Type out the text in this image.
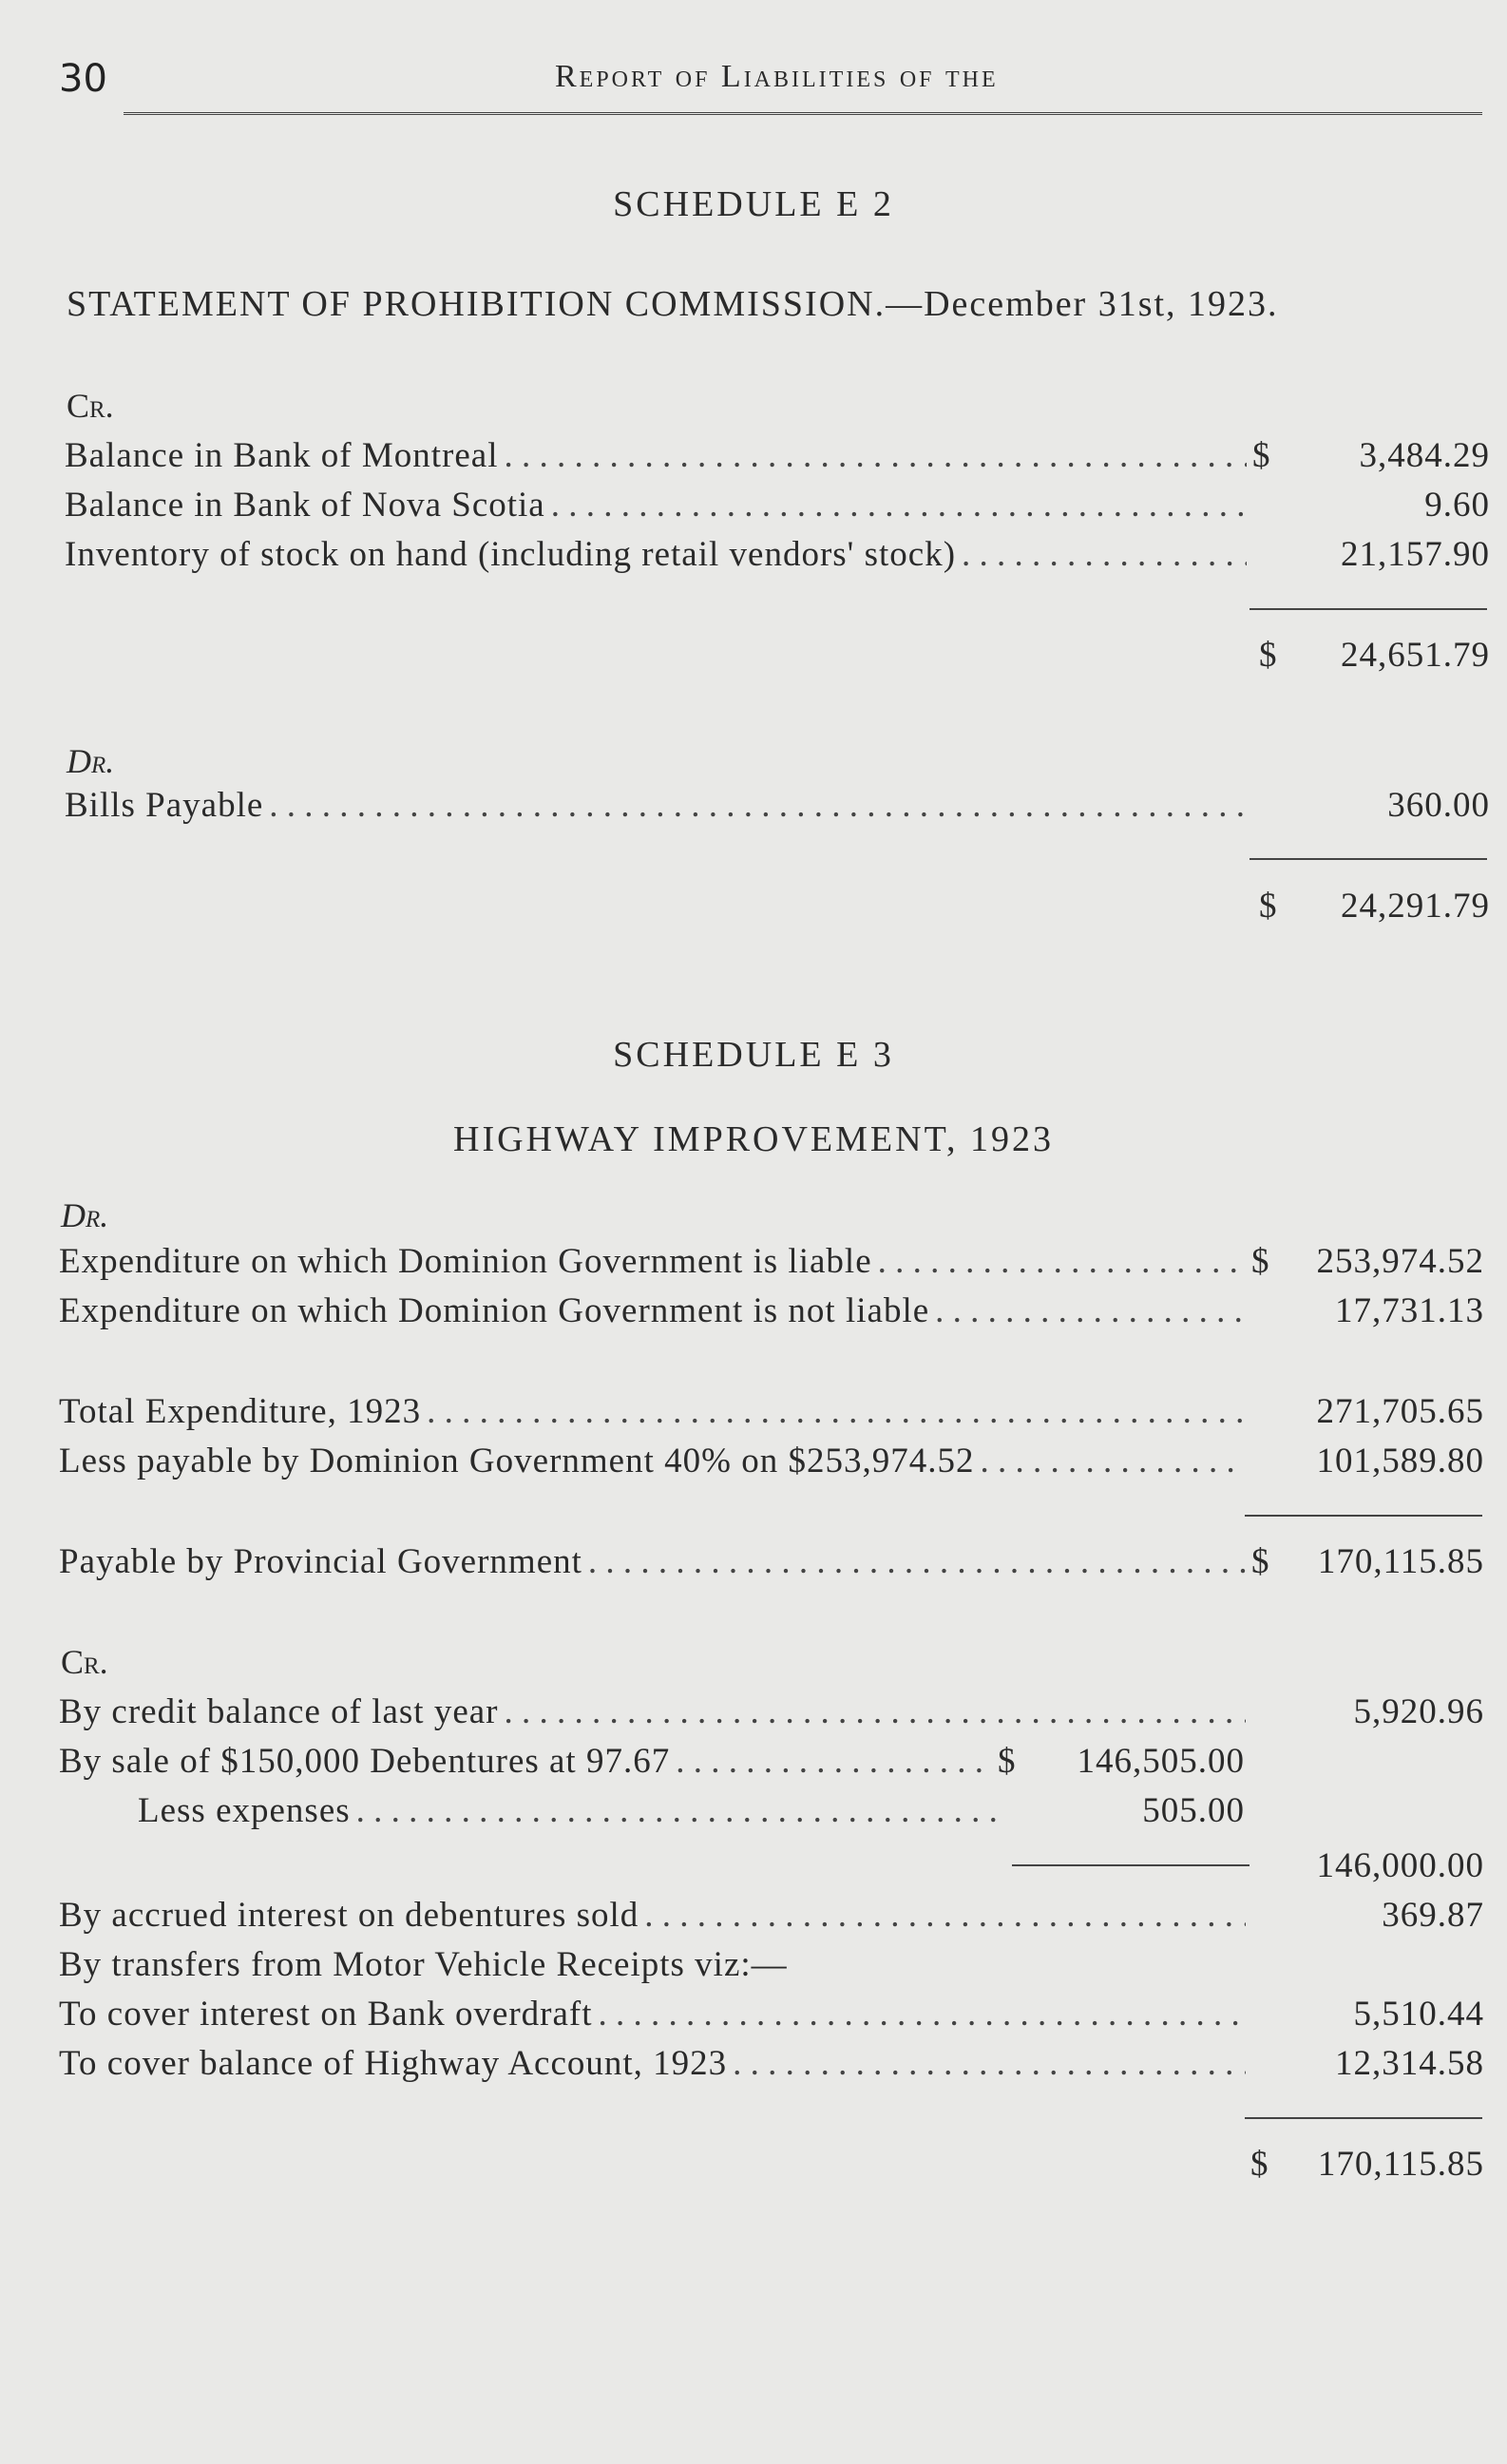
30	Report of Liabilities of the
SCHEDULE E 2
STATEMENT OF PROHIBITION COMMISSION.—December 31st, 1923.
Cr.
Balance in Bank of Montreal . . .	$	3,484.29
Balance in Bank of Nova Scotia . . .	9.60
Inventory of stock on hand (including retail vendors' stock) . . .	21,157.90
$ 24,651.79
Dr.
Bills Payable . . .	360.00
$ 24,291.79
SCHEDULE E 3
HIGHWAY IMPROVEMENT, 1923
Dr.
Expenditure on which Dominion Government is liable . . .	$ 253,974.52
Expenditure on which Dominion Government is not liable . . .	17,731.13
Total Expenditure, 1923 . . .	271,705.65
Less payable by Dominion Government 40% on $253,974.52 . . .	101,589.80
Payable by Provincial Government . . .	$ 170,115.85
Cr.
By credit balance of last year . . .	5,920.96
By sale of $150,000 Debentures at 97.67 . . .	$ 146,505.00
Less expenses . . .	505.00
146,000.00
By accrued interest on debentures sold . . .	369.87
By transfers from Motor Vehicle Receipts viz:—
To cover interest on Bank overdraft . . .	5,510.44
To cover balance of Highway Account, 1923 . . .	12,314.58
$ 170,115.85
